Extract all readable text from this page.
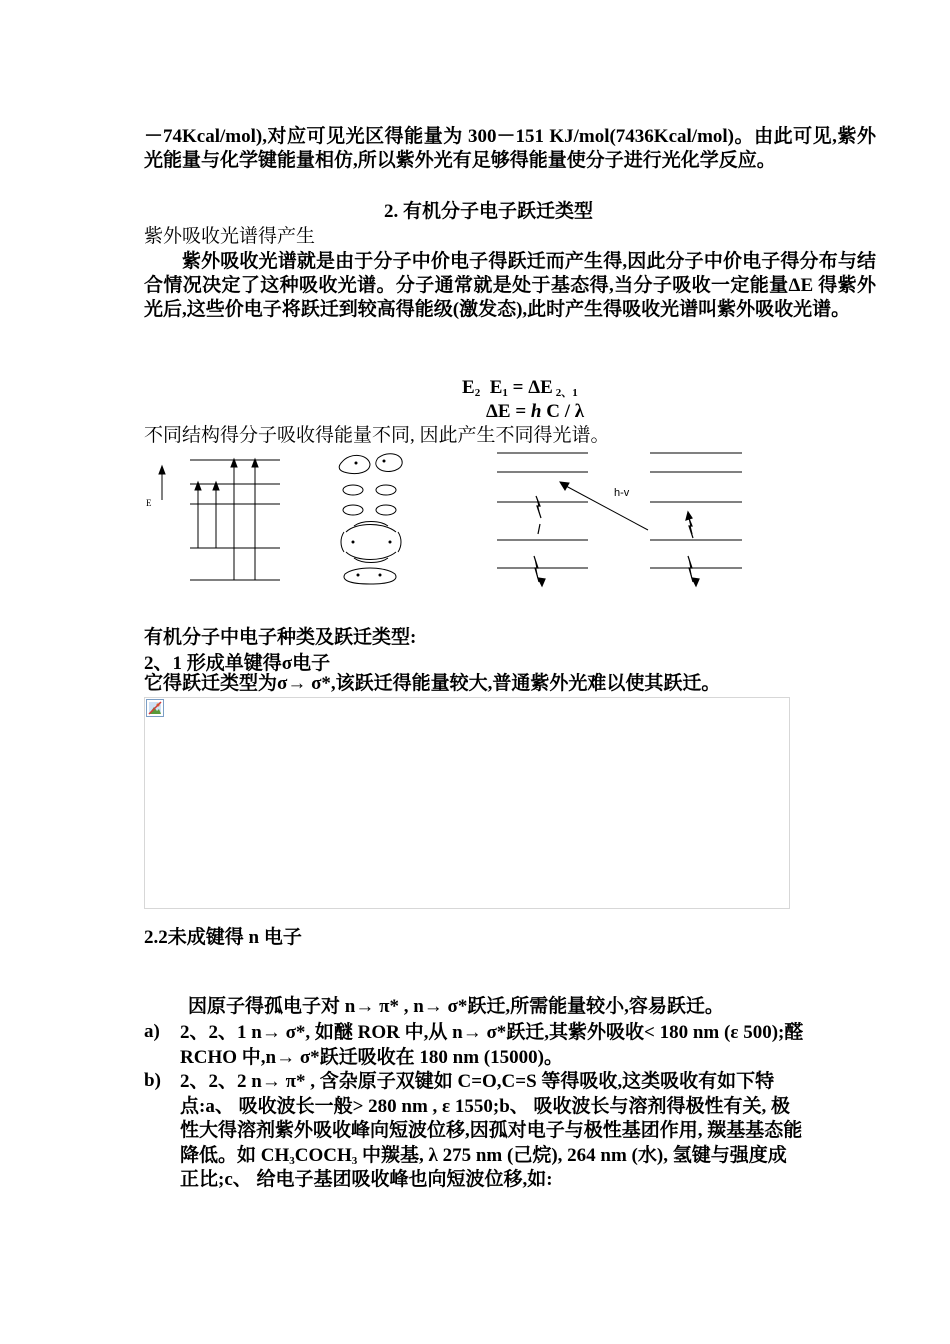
－74Kcal/mol),对应可见光区得能量为 300－151 KJ/mol(7436Kcal/mol)。由此可见,紫外光能量与化学键能量相仿,所以紫外光有足够得能量使分子进行光化学反应。
2. 有机分子电子跃迁类型
紫外吸收光谱得产生
紫外吸收光谱就是由于分子中价电子得跃迁而产生得,因此分子中价电子得分布与结合情况决定了这种吸收光谱。分子通常就是处于基态得,当分子吸收一定能量ΔE 得紫外光后,这些价电子将跃迁到较高得能级(激发态),此时产生得吸收光谱叫紫外吸收光谱。
$E_2$ $E_1 = \Delta E$ $_{2、1}$
ΔE = h C / λ
不同结构得分子吸收得能量不同, 因此产生不同得光谱。
E
h-v
有机分子中电子种类及跃迁类型:
2、1 形成单键得σ电子
它得跃迁类型为σ→ σ*,该跃迁得能量较大,普通紫外光难以使其跃迁。
2.2未成键得 n 电子
因原子得孤电子对 n→ π* , n→ σ*跃迁,所需能量较小,容易跃迁。
a) 2、2、1 n→ σ*, 如醚 ROR 中,从 n→ σ*跃迁,其紫外吸收< 180 nm (ε 500);醛 RCHO 中,n→ σ*跃迁吸收在 180 nm (15000)。
b) 2、2、2 n→ π* , 含杂原子双键如 C=O,C=S 等得吸收,这类吸收有如下特点:a、 吸收波长一般> 280 nm , ε 1550;b、 吸收波长与溶剂得极性有关, 极性大得溶剂紫外吸收峰向短波位移,因孤对电子与极性基团作用, 羰基基态能降低。如 $CH_3COCH_3$ 中羰基, λ 275 nm (己烷), 264 nm (水), 氢键与强度成正比;c、 给电子基团吸收峰也向短波位移,如:
